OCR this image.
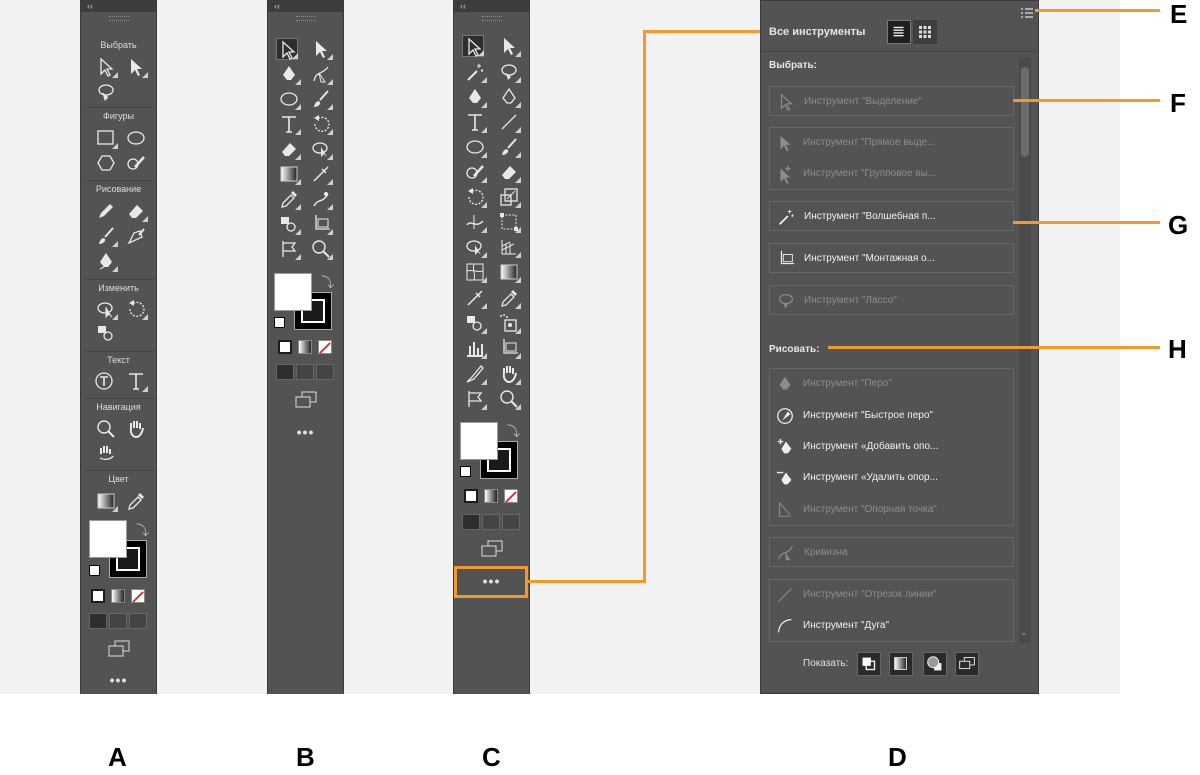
‹‹
Выбрать
Фигуры
Рисование
Изменить
Текст
Навигация
Цвет
⤵
•••
‹‹
⤵
•••
‹‹
⤵
•••
Все инструменты
Выбрать:
Инструмент "Выделение"
Инструмент "Прямое выде...
Инструмент "Групповое вы...
Инструмент "Волшебная п...
Инструмент "Монтажная о...
Инструмент "Лассо"
Рисовать:
Инструмент "Перо"
Инструмент "Быстрое перо"
Инструмент «Добавить опо...
Инструмент «Удалить опор...
Инструмент "Опорная точка"
Кривизна
Инструмент "Отрезок линии"
Инструмент "Дуга"
⌄
Показать:
E
F
G
H
A	B	C	D
